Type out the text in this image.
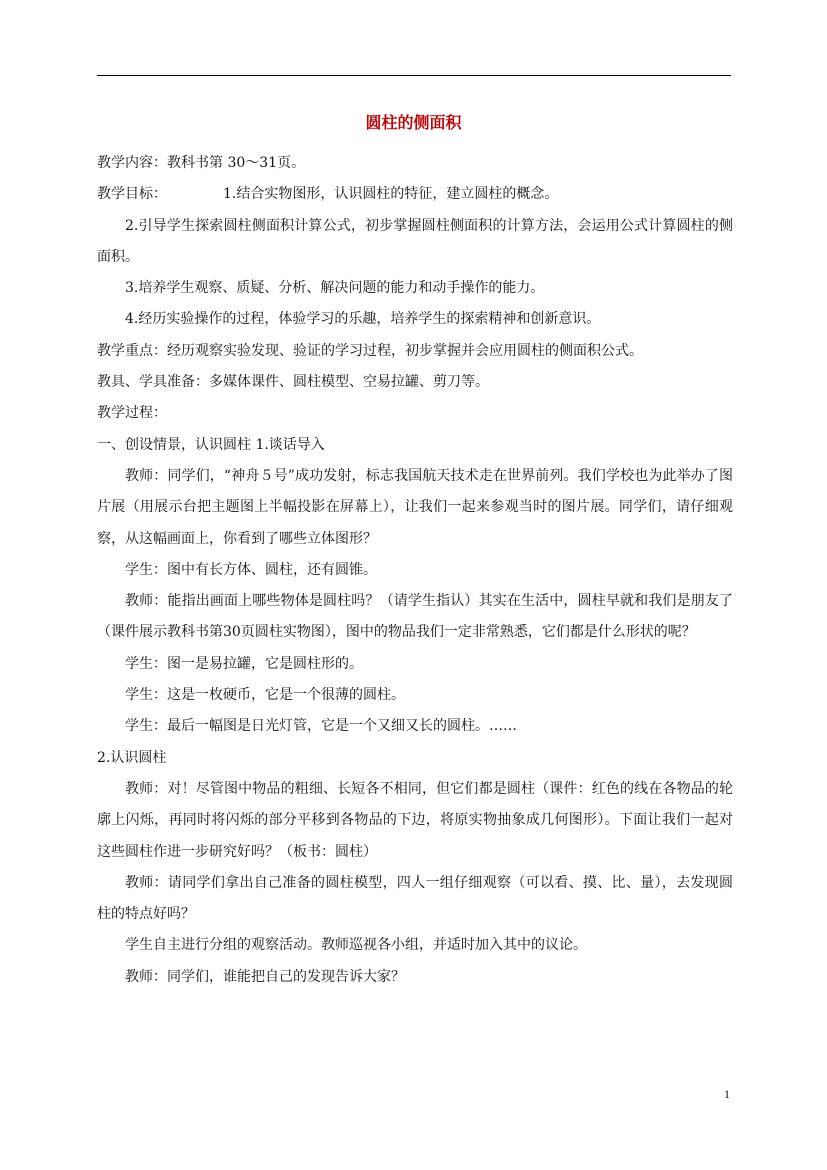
圆柱的侧面积

教学内容：教科书第 30～31页。

教学目标：	1.结合实物图形，认识圆柱的特征，建立圆柱的概念。

2.引导学生探索圆柱侧面积计算公式，初步掌握圆柱侧面积的计算方法，会运用公式计算圆柱的侧面积。

3.培养学生观察、质疑、分析、解决问题的能力和动手操作的能力。

4.经历实验操作的过程，体验学习的乐趣，培养学生的探索精神和创新意识。

教学重点：经历观察实验发现、验证的学习过程，初步掌握并会应用圆柱的侧面积公式。

教具、学具准备：多媒体课件、圆柱模型、空易拉罐、剪刀等。

教学过程：

一、创设情景，认识圆柱 1.谈话导入

教师：同学们，“神舟５号”成功发射，标志我国航天技术走在世界前列。我们学校也为此举办了图片展（用展示台把主题图上半幅投影在屏幕上），让我们一起来参观当时的图片展。同学们，请仔细观察，从这幅画面上，你看到了哪些立体图形？

学生：图中有长方体、圆柱，还有圆锥。

教师：能指出画面上哪些物体是圆柱吗？（请学生指认）其实在生活中，圆柱早就和我们是朋友了（课件展示教科书第30页圆柱实物图），图中的物品我们一定非常熟悉，它们都是什么形状的呢？

学生：图一是易拉罐，它是圆柱形的。

学生：这是一枚硬币，它是一个很薄的圆柱。

学生：最后一幅图是日光灯管，它是一个又细又长的圆柱。……

2.认识圆柱

教师：对！尽管图中物品的粗细、长短各不相同，但它们都是圆柱（课件：红色的线在各物品的轮廓上闪烁，再同时将闪烁的部分平移到各物品的下边，将原实物抽象成几何图形）。下面让我们一起对这些圆柱作进一步研究好吗？（板书：圆柱）

教师：请同学们拿出自己准备的圆柱模型，四人一组仔细观察（可以看、摸、比、量），去发现圆柱的特点好吗？

学生自主进行分组的观察活动。教师巡视各小组，并适时加入其中的议论。

教师：同学们，谁能把自己的发现告诉大家？

1
